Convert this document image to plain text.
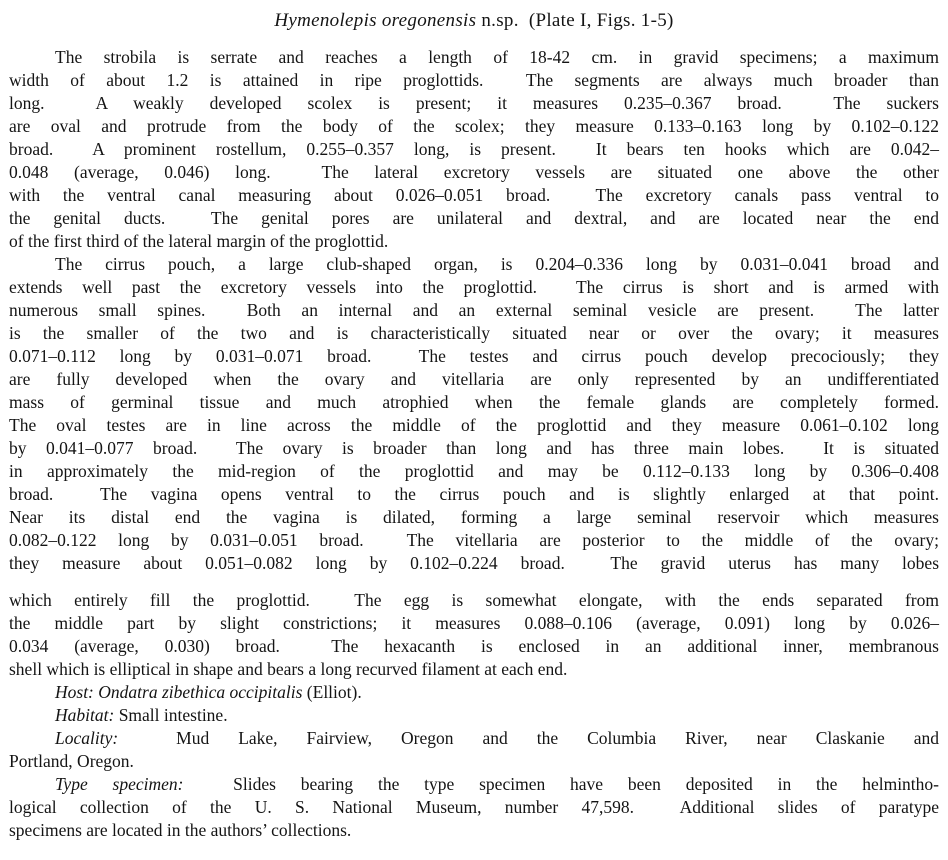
Hymenolepis oregonensis n.sp.  (Plate I, Figs. 1-5)
The strobila is serrate and reaches a length of 18-42 cm. in gravid specimens; a maximum
width of about 1.2 is attained in ripe proglottids.  The segments are always much broader than
long.  A weakly developed scolex is present; it measures 0.235–0.367 broad.  The suckers
are oval and protrude from the body of the scolex; they measure 0.133–0.163 long by 0.102–0.122
broad.  A prominent rostellum, 0.255–0.357 long, is present.  It bears ten hooks which are 0.042–
0.048 (average, 0.046) long.  The lateral excretory vessels are situated one above the other
with the ventral canal measuring about 0.026–0.051 broad.  The excretory canals pass ventral to
the genital ducts.  The genital pores are unilateral and dextral, and are located near the end
of the first third of the lateral margin of the proglottid.
The cirrus pouch, a large club-shaped organ, is 0.204–0.336 long by 0.031–0.041 broad and
extends well past the excretory vessels into the proglottid.  The cirrus is short and is armed with
numerous small spines.  Both an internal and an external seminal vesicle are present.  The latter
is the smaller of the two and is characteristically situated near or over the ovary; it measures
0.071–0.112 long by 0.031–0.071 broad.  The testes and cirrus pouch develop precociously; they
are fully developed when the ovary and vitellaria are only represented by an undifferentiated
mass of germinal tissue and much atrophied when the female glands are completely formed.
The oval testes are in line across the middle of the proglottid and they measure 0.061–0.102 long
by 0.041–0.077 broad.  The ovary is broader than long and has three main lobes.  It is situated
in approximately the mid-region of the proglottid and may be 0.112–0.133 long by 0.306–0.408
broad.  The vagina opens ventral to the cirrus pouch and is slightly enlarged at that point.
Near its distal end the vagina is dilated, forming a large seminal reservoir which measures
0.082–0.122 long by 0.031–0.051 broad.  The vitellaria are posterior to the middle of the ovary;
they measure about 0.051–0.082 long by 0.102–0.224 broad.  The gravid uterus has many lobes
which entirely fill the proglottid.  The egg is somewhat elongate, with the ends separated from
the middle part by slight constrictions; it measures 0.088–0.106 (average, 0.091) long by 0.026–
0.034 (average, 0.030) broad.  The hexacanth is enclosed in an additional inner, membranous
shell which is elliptical in shape and bears a long recurved filament at each end.
Host: Ondatra zibethica occipitalis (Elliot).
Habitat: Small intestine.
Locality:  Mud Lake, Fairview, Oregon and the Columbia River, near Claskanie and
Portland, Oregon.
Type specimen:  Slides bearing the type specimen have been deposited in the helmintho-
logical collection of the U. S. National Museum, number 47,598.  Additional slides of paratype
specimens are located in the authors’ collections.
